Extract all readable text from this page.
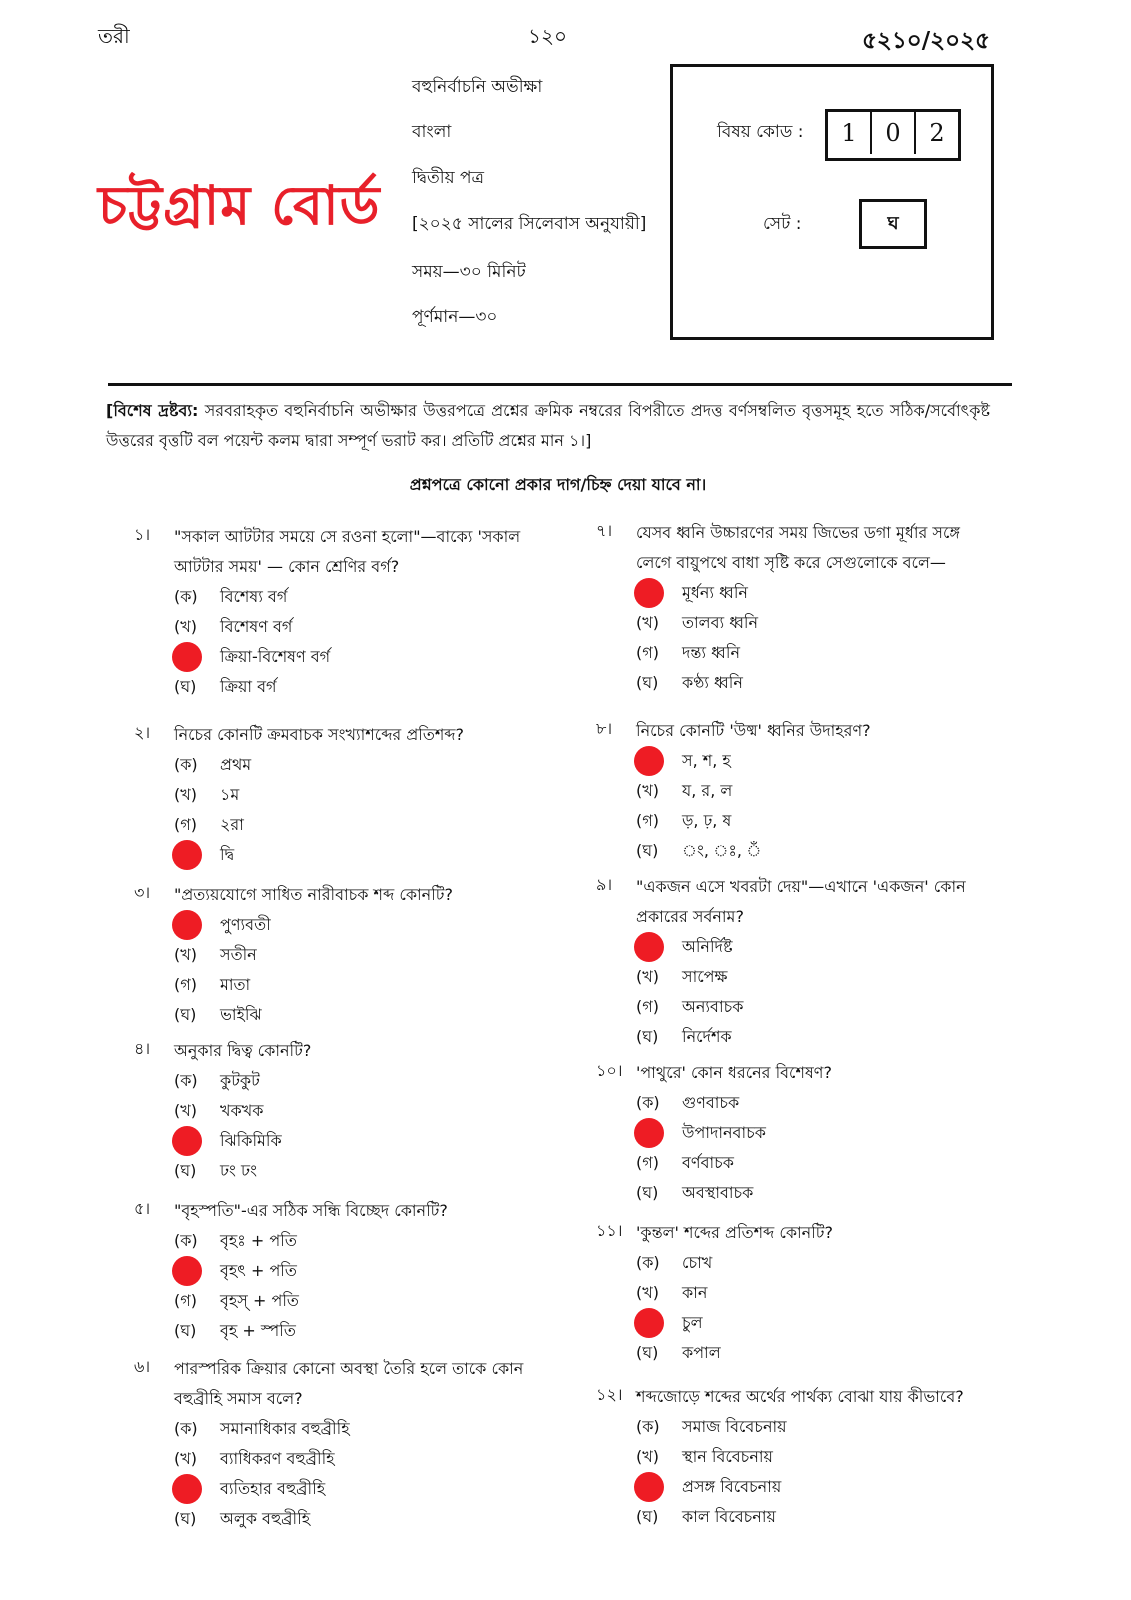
তরী	১২০	৫২১০/২০২৫
চট্টগ্রাম বোর্ড
বহুনির্বাচনি অভীক্ষা
বাংলা
দ্বিতীয় পত্র
[২০২৫ সালের সিলেবাস অনুযায়ী]
সময়—৩০ মিনিট
পূর্ণমান—৩০
বিষয় কোড :	1	0	2
সেট :	ঘ
[বিশেষ দ্রষ্টব্য: সরবরাহকৃত বহুনির্বাচনি অভীক্ষার উত্তরপত্রে প্রশ্নের ক্রমিক নম্বরের বিপরীতে প্রদত্ত বর্ণসম্বলিত বৃত্তসমূহ হতে সঠিক/সর্বোৎকৃষ্ট উত্তরের বৃত্তটি বল পয়েন্ট কলম দ্বারা সম্পূর্ণ ভরাট কর। প্রতিটি প্রশ্নের মান ১।]
প্রশ্নপত্রে কোনো প্রকার দাগ/চিহ্ন দেয়া যাবে না।
১। "সকাল আটটার সময়ে সে রওনা হলো"—বাক্যে 'সকাল আটটার সময়' — কোন শ্রেণির বর্গ?
(ক) বিশেষ্য বর্গ
(খ) বিশেষণ বর্গ
ক্রিয়া-বিশেষণ বর্গ
(ঘ) ক্রিয়া বর্গ
২। নিচের কোনটি ক্রমবাচক সংখ্যাশব্দের প্রতিশব্দ?
(ক) প্রথম
(খ) ১ম
(গ) ২রা
দ্বি
৩। "প্রত্যয়যোগে সাধিত নারীবাচক শব্দ কোনটি?
পুণ্যবতী
(খ) সতীন
(গ) মাতা
(ঘ) ভাইঝি
৪। অনুকার দ্বিত্ব কোনটি?
(ক) কুটকুট
(খ) খকখক
ঝিকিমিকি
(ঘ) ঢং ঢং
৫। "বৃহস্পতি"-এর সঠিক সন্ধি বিচ্ছেদ কোনটি?
(ক) বৃহঃ + পতি
বৃহৎ + পতি
(গ) বৃহস্ + পতি
(ঘ) বৃহ + স্পতি
৬। পারস্পরিক ক্রিয়ার কোনো অবস্থা তৈরি হলে তাকে কোন বহুব্রীহি সমাস বলে?
(ক) সমানাধিকার বহুব্রীহি
(খ) ব্যাধিকরণ বহুব্রীহি
ব্যতিহার বহুব্রীহি
(ঘ) অলুক বহুব্রীহি
৭। যেসব ধ্বনি উচ্চারণের সময় জিভের ডগা মূর্ধার সঙ্গে লেগে বায়ুপথে বাধা সৃষ্টি করে সেগুলোকে বলে—
মূর্ধন্য ধ্বনি
(খ) তালব্য ধ্বনি
(গ) দন্ত্য ধ্বনি
(ঘ) কণ্ঠ্য ধ্বনি
৮। নিচের কোনটি 'উষ্ম' ধ্বনির উদাহরণ?
স, শ, হ
(খ) য, র, ল
(গ) ড়, ঢ়, ষ
(ঘ) ং, ঃ, ঁ
৯। "একজন এসে খবরটা দেয়"—এখানে 'একজন' কোন প্রকারের সর্বনাম?
অনির্দিষ্ট
(খ) সাপেক্ষ
(গ) অন্যবাচক
(ঘ) নির্দেশক
১০। 'পাথুরে' কোন ধরনের বিশেষণ?
(ক) গুণবাচক
উপাদানবাচক
(গ) বর্ণবাচক
(ঘ) অবস্থাবাচক
১১। 'কুন্তল' শব্দের প্রতিশব্দ কোনটি?
(ক) চোখ
(খ) কান
চুল
(ঘ) কপাল
১২। শব্দজোড়ে শব্দের অর্থের পার্থক্য বোঝা যায় কীভাবে?
(ক) সমাজ বিবেচনায়
(খ) স্থান বিবেচনায়
প্রসঙ্গ বিবেচনায়
(ঘ) কাল বিবেচনায়
